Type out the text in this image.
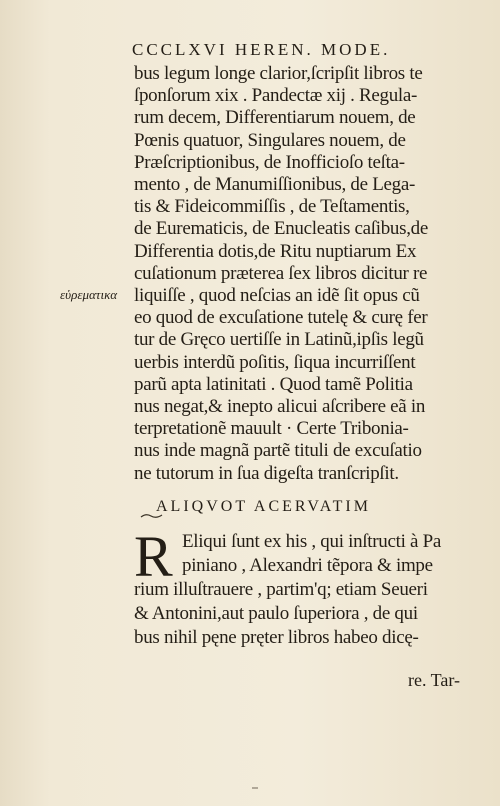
CCCLXVI HEREN. MODE.
εὑρεματικα
bus legum longe clarior,ſcripſit libros te
ſponſorum xix . Pandectæ xij . Regula-
rum decem, Differentiarum nouem, de
Pœnis quatuor, Singulares nouem, de
Præſcriptionibus, de Inofficioſo teſta-
mento , de Manumiſſionibus, de Lega-
tis & Fideicommiſſis , de Teſtamentis,
de Eurematicis, de Enucleatis caſibus,de
Differentia dotis,de Ritu nuptiarum Ex
cuſationum præterea ſex libros dicitur re
liquiſſe , quod neſcias an idẽ ſit opus cũ
eo quod de excuſatione tutelę & curę fer
tur de Gręco uertiſſe in Latinũ,ipſis legũ
uerbis interdũ poſitis, ſiqua incurriſſent
parũ apta latinitati . Quod tamẽ Politia
nus negat,& inepto alicui aſcribere eã in
terpretationẽ mauult · Certe Tribonia-
nus inde magnã partẽ tituli de excuſatio
ne tutorum in ſua digeſta tranſcripſit.
ALIQVOT ACERVATIM
R Eliqui ſunt ex his , qui inſtructi à Pa
piniano , Alexandri tẽpora & impe
rium illuſtrauere , partim'q; etiam Seueri
& Antonini,aut paulo ſuperiora , de qui
bus nihil pęne pręter libros habeo dicę-
re. Tar-
